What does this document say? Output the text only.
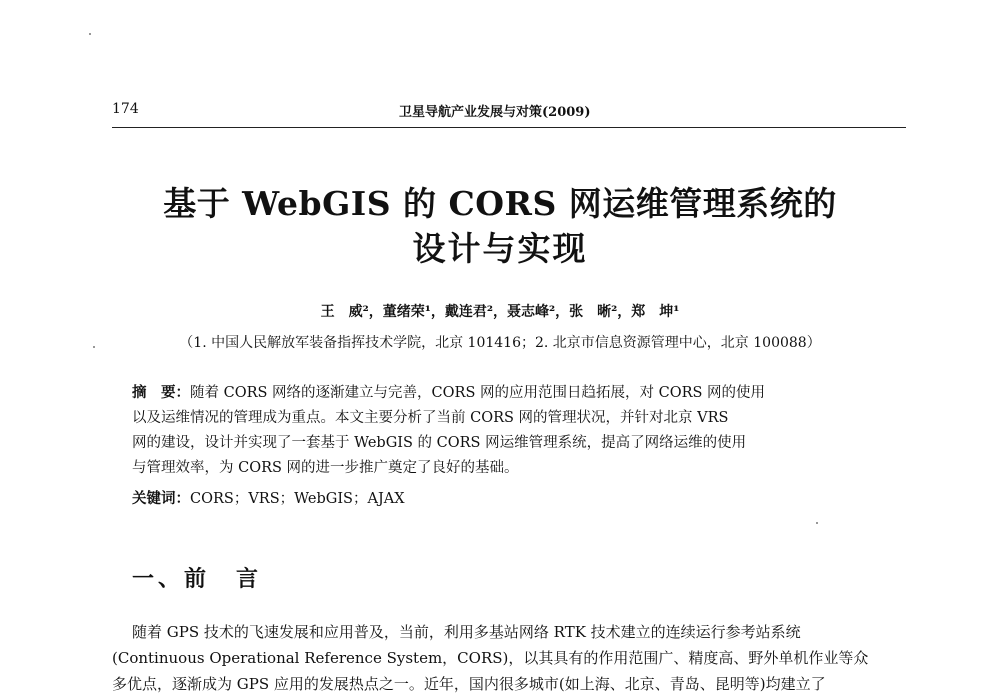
174	卫星导航产业发展与对策(2009)
基于 WebGIS 的 CORS 网运维管理系统的
设计与实现
王　威²，董绪荣¹，戴连君²，聂志峰²，张　晰²，郑　坤¹
（1. 中国人民解放军装备指挥技术学院，北京 101416；2. 北京市信息资源管理中心，北京 100088）
摘　要：随着 CORS 网络的逐渐建立与完善，CORS 网的应用范围日趋拓展，对 CORS 网的使用
以及运维情况的管理成为重点。本文主要分析了当前 CORS 网的管理状况，并针对北京 VRS
网的建设，设计并实现了一套基于 WebGIS 的 CORS 网运维管理系统，提高了网络运维的使用
与管理效率，为 CORS 网的进一步推广奠定了良好的基础。
关键词：CORS；VRS；WebGIS；AJAX
一、前　言
随着 GPS 技术的飞速发展和应用普及，当前，利用多基站网络 RTK 技术建立的连续运行参考站系统
(Continuous Operational Reference System，CORS)，以其具有的作用范围广、精度高、野外单机作业等众
多优点，逐渐成为 GPS 应用的发展热点之一。近年，国内很多城市(如上海、北京、青岛、昆明等)均建立了
